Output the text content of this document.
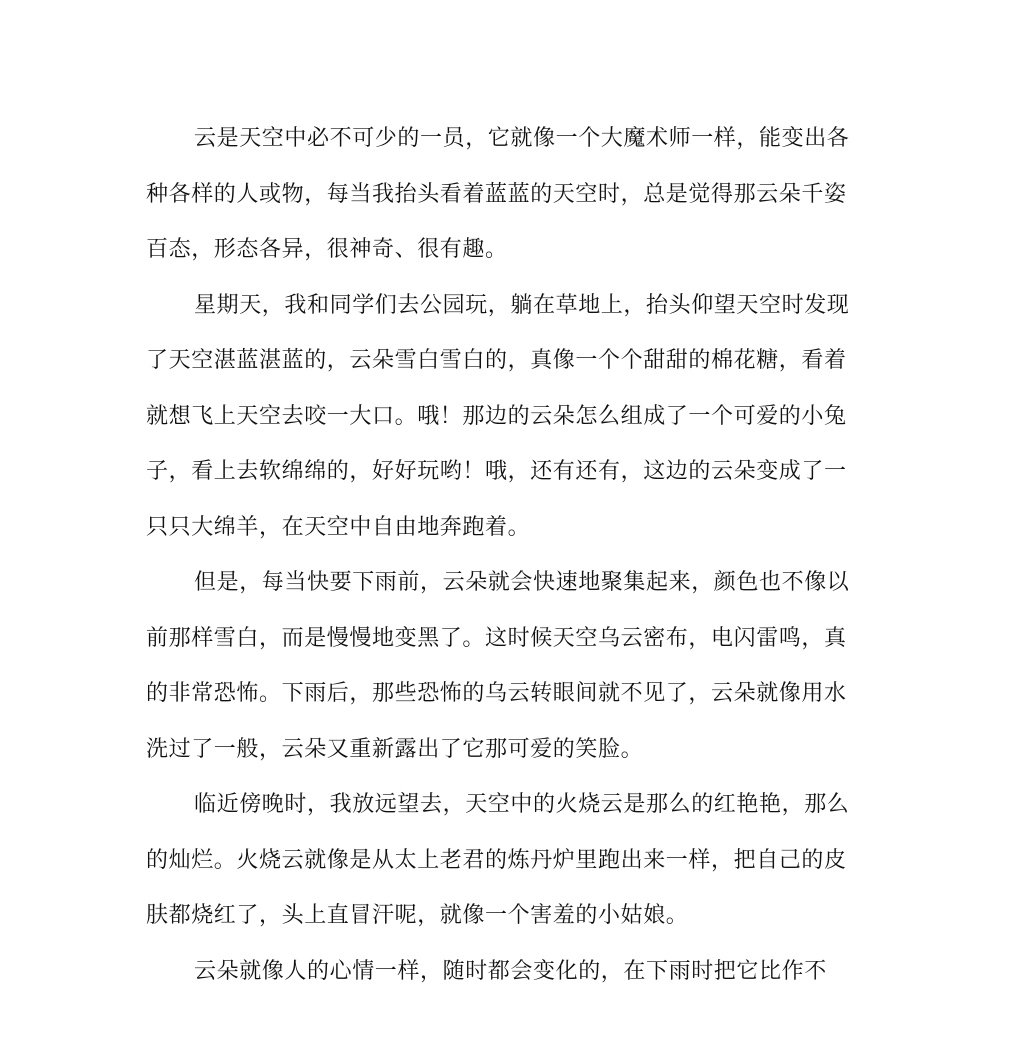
云是天空中必不可少的一员，它就像一个大魔术师一样，能变出各
种各样的人或物，每当我抬头看着蓝蓝的天空时，总是觉得那云朵千姿
百态，形态各异，很神奇、很有趣。
星期天，我和同学们去公园玩，躺在草地上，抬头仰望天空时发现
了天空湛蓝湛蓝的，云朵雪白雪白的，真像一个个甜甜的棉花糖，看着
就想飞上天空去咬一大口。哦！那边的云朵怎么组成了一个可爱的小兔
子，看上去软绵绵的，好好玩哟！哦，还有还有，这边的云朵变成了一
只只大绵羊，在天空中自由地奔跑着。
但是，每当快要下雨前，云朵就会快速地聚集起来，颜色也不像以
前那样雪白，而是慢慢地变黑了。这时候天空乌云密布，电闪雷鸣，真
的非常恐怖。下雨后，那些恐怖的乌云转眼间就不见了，云朵就像用水
洗过了一般，云朵又重新露出了它那可爱的笑脸。
临近傍晚时，我放远望去，天空中的火烧云是那么的红艳艳，那么
的灿烂。火烧云就像是从太上老君的炼丹炉里跑出来一样，把自己的皮
肤都烧红了，头上直冒汗呢，就像一个害羞的小姑娘。
云朵就像人的心情一样，随时都会变化的，在下雨时把它比作不
